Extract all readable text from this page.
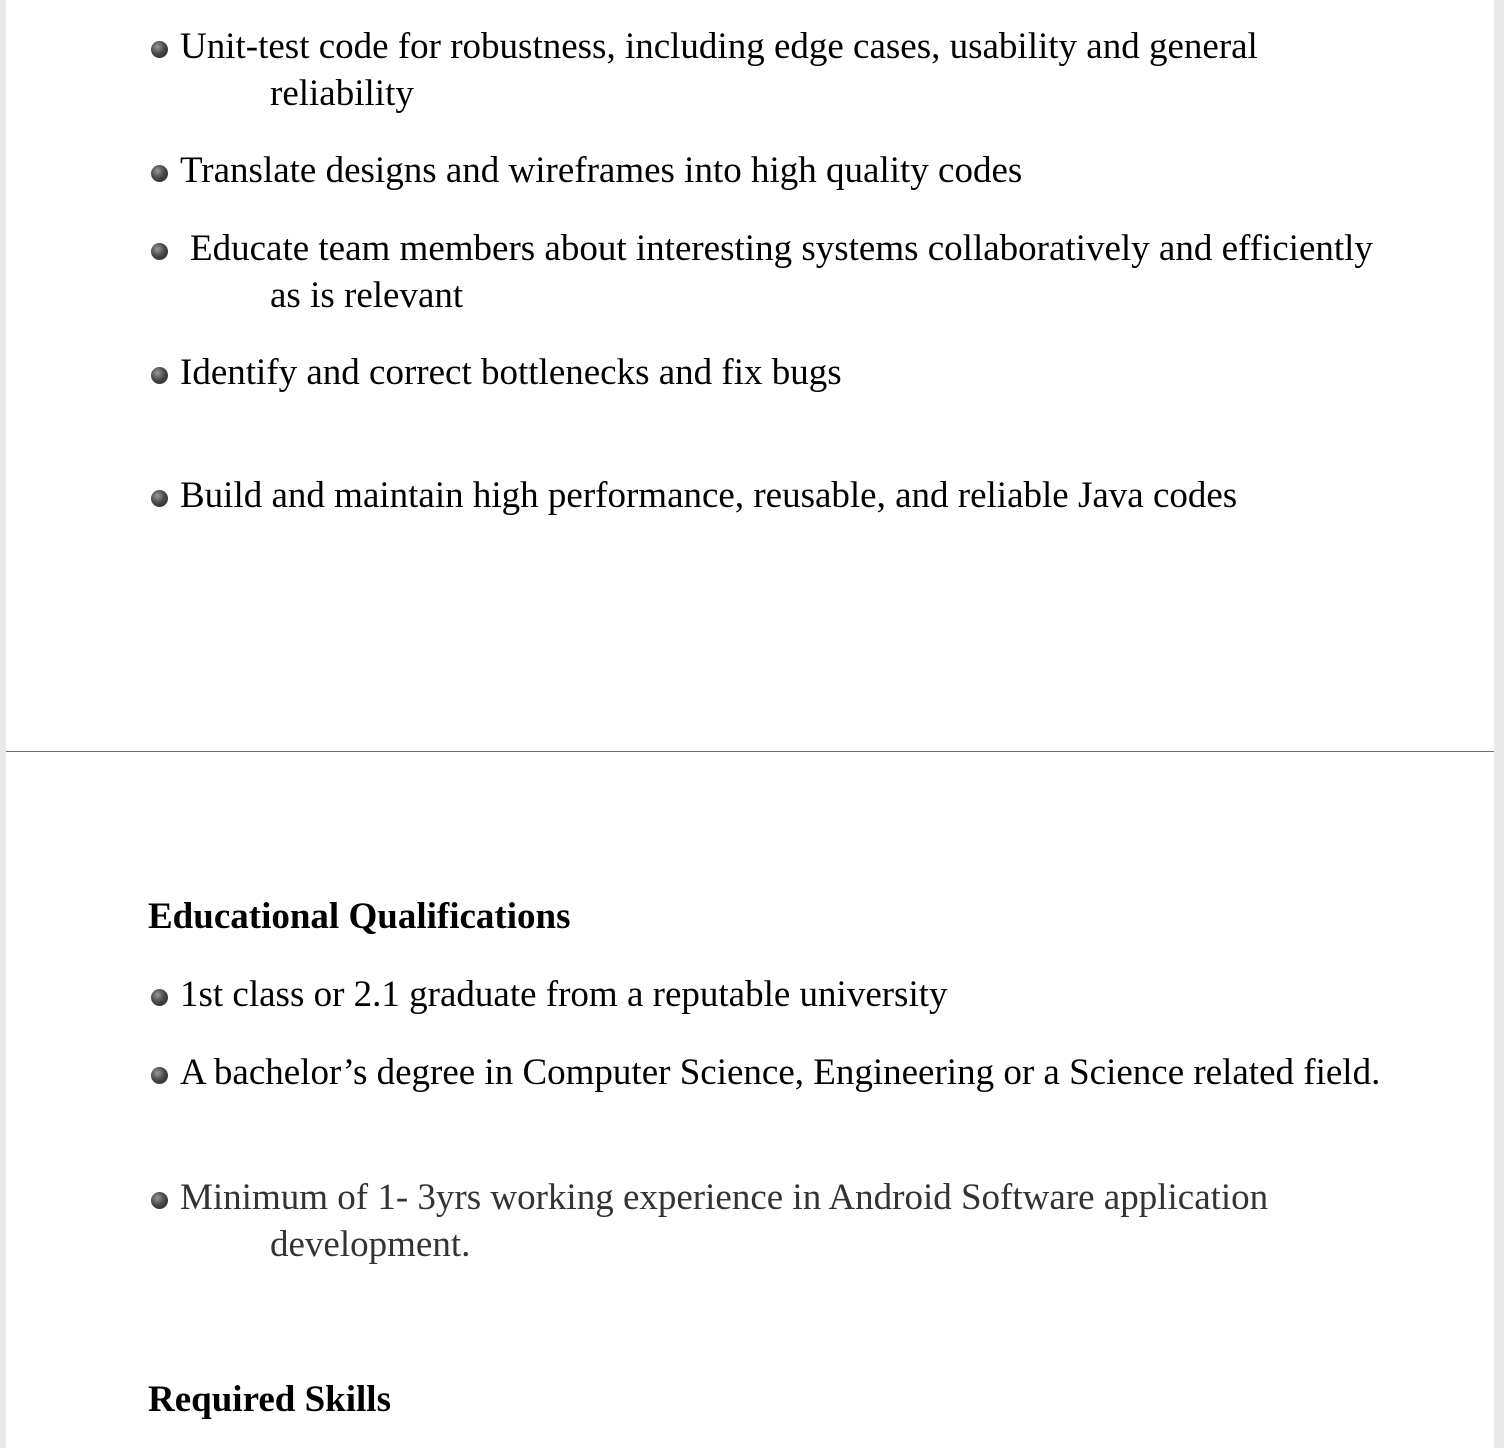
Unit-test code for robustness, including edge cases, usability and general reliability
Translate designs and wireframes into high quality codes
Educate team members about interesting systems collaboratively and efficiently as is relevant
Identify and correct bottlenecks and fix bugs
Build and maintain high performance, reusable, and reliable Java codes
Educational Qualifications
1st class or 2.1 graduate from a reputable university
A bachelor’s degree in Computer Science, Engineering or a Science related field.
Minimum of 1- 3yrs working experience in Android Software application development.
Required Skills
